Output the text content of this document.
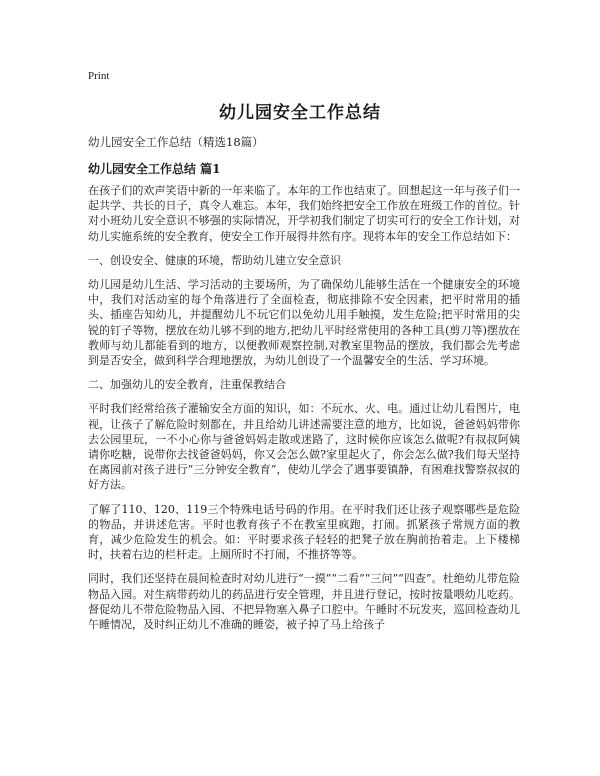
Print
幼儿园安全工作总结
幼儿园安全工作总结（精选18篇）
幼儿园安全工作总结 篇1

在孩子们的欢声笑语中新的一年来临了。本年的工作也结束了。回想起这一年与孩子们一起共学、共长的日子，真令人难忘。本年，我们始终把安全工作放在班级工作的首位。针对小班幼儿安全意识不够强的实际情况，开学初我们制定了切实可行的安全工作计划，对幼儿实施系统的安全教育，使安全工作开展得井然有序。现将本年的安全工作总结如下：

一、创设安全、健康的环境，帮助幼儿建立安全意识

幼儿园是幼儿生活、学习活动的主要场所，为了确保幼儿能够生活在一个健康安全的环境中，我们对活动室的每个角落进行了全面检查，彻底排除不安全因素，把平时常用的插头、插座告知幼儿，并提醒幼儿不玩它们以免幼儿用手触摸，发生危险;把平时常用的尖锐的钉子等物，摆放在幼儿够不到的地方,把幼儿平时经常使用的各种工具(剪刀等)摆放在教师与幼儿都能看到的地方，以便教师观察控制,对教室里物品的摆放，我们都会先考虑到是否安全，做到科学合理地摆放，为幼儿创设了一个温馨安全的生活、学习环境。

二、加强幼儿的安全教育，注重保教结合

平时我们经常给孩子灌输安全方面的知识，如：不玩水、火、电。通过让幼儿看图片，电视，让孩子了解危险时刻都在，并且给幼儿讲述需要注意的地方，比如说，爸爸妈妈带你去公园里玩，一不小心你与爸爸妈妈走散或迷路了，这时候你应该怎么做呢?有叔叔阿姨请你吃糖，说带你去找爸爸妈妈，你又会怎么做?家里起火了，你会怎么做?我们每天坚持在离园前对孩子进行“三分钟安全教育”，使幼儿学会了遇事要镇静，有困难找警察叔叔的好方法。

了解了110、120、119三个特殊电话号码的作用。在平时我们还让孩子观察哪些是危险的物品，并讲述危害。平时也教育孩子不在教室里疯跑，打闹。抓紧孩子常规方面的教育，减少危险发生的机会。如：平时要求孩子轻轻的把凳子放在胸前抬着走。上下楼梯时，扶着右边的栏杆走。上厕所时不打闹，不推挤等等。

同时，我们还坚持在晨间检查时对幼儿进行“一摸”“二看”“三问”“四查”。杜绝幼儿带危险物品入园。对生病带药幼儿的药品进行安全管理，并且进行登记，按时按量喂幼儿吃药。督促幼儿不带危险物品入园、不把异物塞入鼻子口腔中。午睡时不玩发夹，巡回检查幼儿午睡情况，及时纠正幼儿不准确的睡姿，被子掉了马上给孩子
